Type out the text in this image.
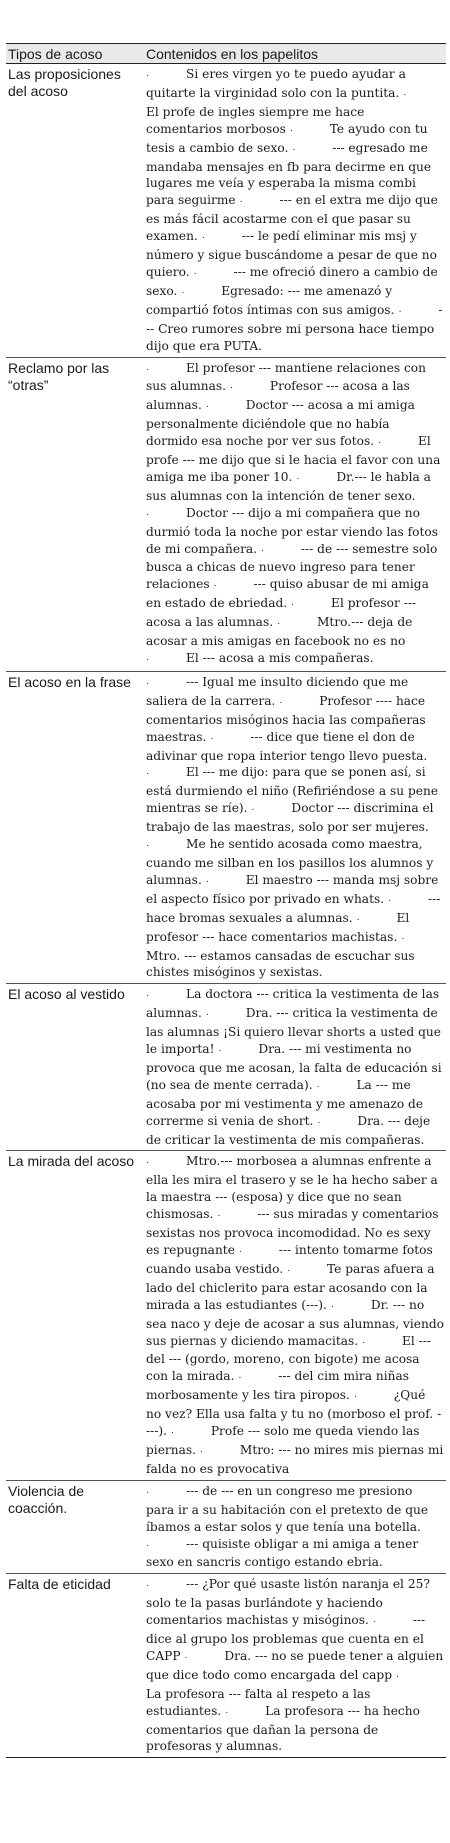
Tipos de acoso	Contenidos en los papelitos
Las proposiciones del acoso	· Si eres virgen yo te puedo ayudar a quitarte la virginidad solo con la puntita. ·El profe de ingles siempre me hace comentarios morbosos · Te ayudo con tu tesis a cambio de sexo. · --- egresado me mandaba mensajes en fb para decirme en que lugares me veía y esperaba la misma combi para seguirme · --- en el extra me dijo que es más fácil acostarme con el que pasar su examen. · --- le pedí eliminar mis msj y número y sigue buscándome a pesar de que no quiero. · --- me ofreció dinero a cambio de sexo. · Egresado: --- me amenazó y compartió fotos íntimas con sus amigos. · --- Creo rumores sobre mi persona hace tiempo dijo que era PUTA.
Reclamo por las “otras”	· El profesor --- mantiene relaciones con sus alumnas. · Profesor --- acosa a las alumnas. · Doctor --- acosa a mi amiga personalmente diciéndole que no había dormido esa noche por ver sus fotos. · El profe --- me dijo que si le hacia el favor con una amiga me iba poner 10. · Dr.--- le habla a sus alumnas con la intención de tener sexo. · Doctor --- dijo a mi compañera que no durmió toda la noche por estar viendo las fotos de mi compañera. · --- de --- semestre solo busca a chicas de nuevo ingreso para tener relaciones · --- quiso abusar de mi amiga en estado de ebriedad. · El profesor --- acosa a las alumnas. · Mtro.--- deja de acosar a mis amigas en facebook no es no · El --- acosa a mis compañeras.
El acoso en la frase	· --- Igual me insulto diciendo que me saliera de la carrera. · Profesor ---- hace comentarios misóginos hacia las compañeras maestras. · --- dice que tiene el don de adivinar que ropa interior tengo llevo puesta. · El --- me dijo: para que se ponen así, si está durmiendo el niño (Refiriéndose a su pene mientras se ríe). · Doctor --- discrimina el trabajo de las maestras, solo por ser mujeres. · Me he sentido acosada como maestra, cuando me silban en los pasillos los alumnos y alumnas. · El maestro --- manda msj sobre el aspecto físico por privado en whats. · --- hace bromas sexuales a alumnas. · El profesor --- hace comentarios machistas. ·Mtro. --- estamos cansadas de escuchar sus chistes misóginos y sexistas.
El acoso al vestido	· La doctora --- critica la vestimenta de las alumnas. · Dra. --- critica la vestimenta de las alumnas ¡Si quiero llevar shorts a usted que le importa! · Dra. --- mi vestimenta no provoca que me acosan, la falta de educación si (no sea de mente cerrada). · La --- me acosaba por mi vestimenta y me amenazo de correrme si venia de short. · Dra. --- deje de criticar la vestimenta de mis compañeras.
La mirada del acoso	· Mtro.--- morbosea a alumnas enfrente a ella les mira el trasero y se le ha hecho saber a la maestra --- (esposa) y dice que no sean chismosas. · --- sus miradas y comentarios sexistas nos provoca incomodidad. No es sexy es repugnante · --- intento tomarme fotos cuando usaba vestido. · Te paras afuera a lado del chiclerito para estar acosando con la mirada a las estudiantes (---). · Dr. --- no sea naco y deje de acosar a sus alumnas, viendo sus piernas y diciendo mamacitas. · El --- del --- (gordo, moreno, con bigote) me acosa con la mirada. · --- del cim mira niñas morbosamente y les tira piropos. · ¿Qué no vez? Ella usa falta y tu no (morboso el prof. ----). · Profe --- solo me queda viendo las piernas. · Mtro: --- no mires mis piernas mi falda no es provocativa
Violencia de coacción.	· --- de --- en un congreso me presiono para ir a su habitación con el pretexto de que íbamos a estar solos y que tenía una botella. · --- quisiste obligar a mi amiga a tener sexo en sancris contigo estando ebria.
Falta de eticidad	· --- ¿Por qué usaste listón naranja el 25? solo te la pasas burlándote y haciendo comentarios machistas y misóginos. · --- dice al grupo los problemas que cuenta en el CAPP · Dra. --- no se puede tener a alguien que dice todo como encargada del capp ·La profesora --- falta al respeto a las estudiantes. · La profesora --- ha hecho comentarios que dañan la persona de profesoras y alumnas.
